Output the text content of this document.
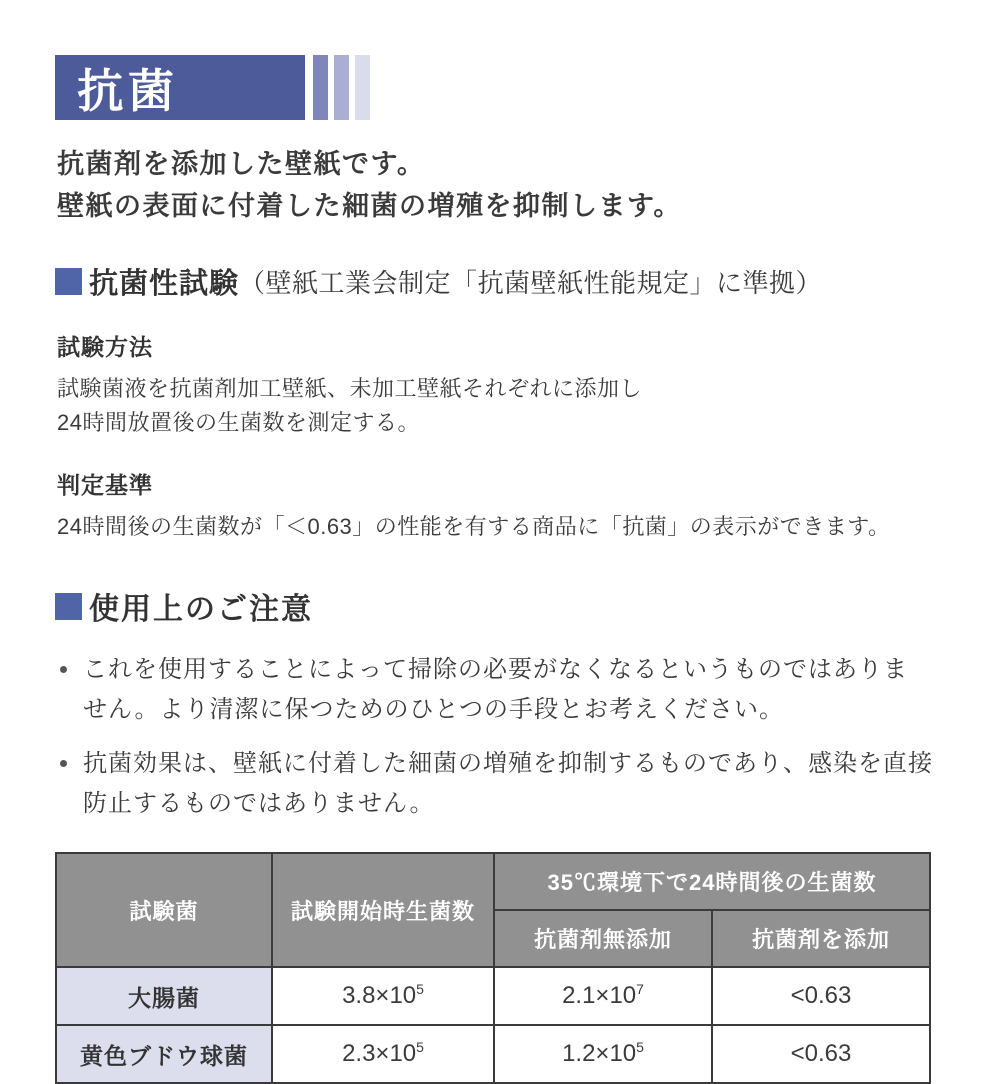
抗菌
抗菌剤を添加した壁紙です。
壁紙の表面に付着した細菌の増殖を抑制します。
抗菌性試験 （壁紙工業会制定「抗菌壁紙性能規定」に準拠）
試験方法
試験菌液を抗菌剤加工壁紙、未加工壁紙それぞれに添加し
24時間放置後の生菌数を測定する。
判定基準
24時間後の生菌数が「＜0.63」の性能を有する商品に「抗菌」の表示ができます。
使用上のご注意
これを使用することによって掃除の必要がなくなるというものではありま
せん。より清潔に保つためのひとつの手段とお考えください。
抗菌効果は、壁紙に付着した細菌の増殖を抑制するものであり、感染を直接
防止するものではありません。
試験菌	試験開始時生菌数	35℃環境下で24時間後の生菌数	
		抗菌剤無添加	抗菌剤を添加
大腸菌	$3.8\times 10^5$	$2.1\times 10^7$	<0.63
黄色ブドウ球菌	$2.3\times 10^5$	$1.2\times 10^5$	<0.63
